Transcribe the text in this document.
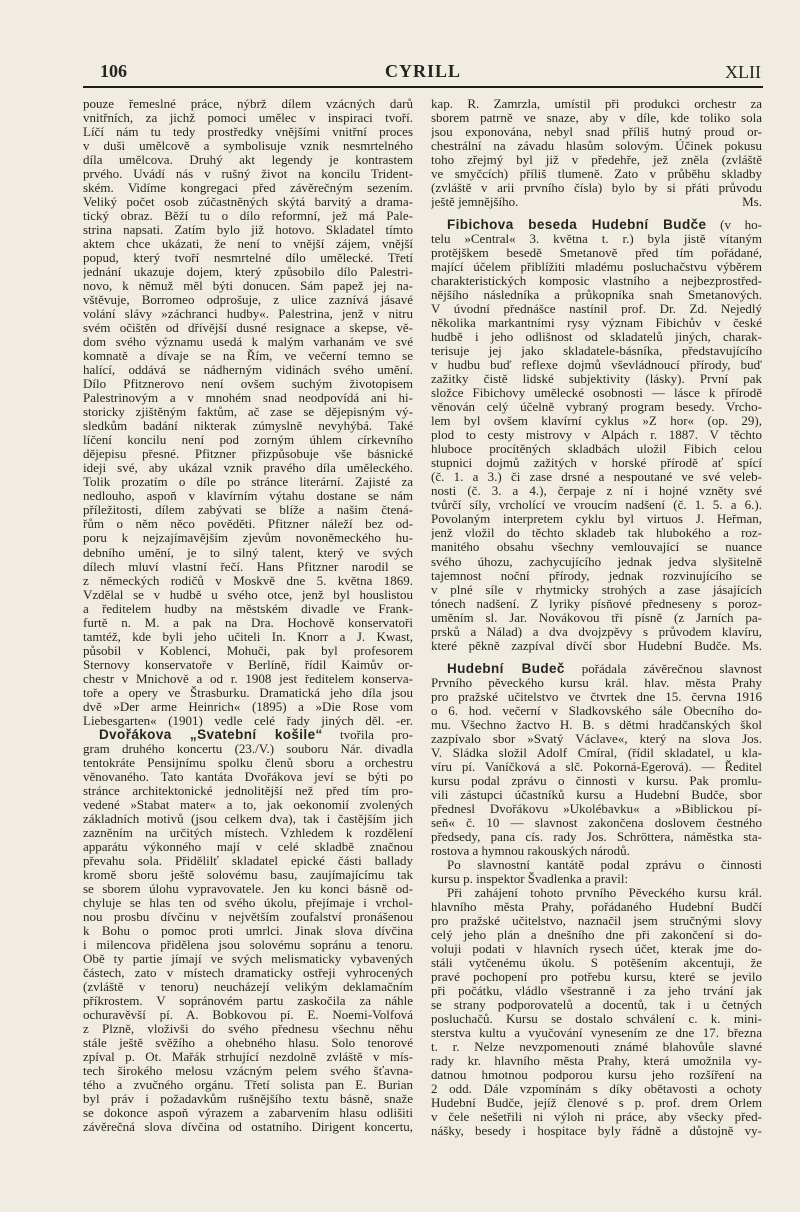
106	CYRILL	XLII
pouze řemeslné práce, nýbrž dílem vzácných darů
vnitřních, za jichž pomoci umělec v inspiraci tvoří.
Líčí nám tu tedy prostředky vnějšími vnitřní proces
v duši umělcově a symbolisuje vznik nesmrtelného
díla umělcova. Druhý akt legendy je kontrastem
prvého. Uvádí nás v rušný život na koncilu Trident-
ském. Vidíme kongregaci před závěrečným sezením.
Veliký počet osob zúčastněných skýtá barvitý a drama-
tický obraz. Běží tu o dílo reformní, jež má Pale-
strina napsati. Zatím bylo již hotovo. Skladatel tímto
aktem chce ukázati, že není to vnější zájem, vnější
popud, který tvoří nesmrtelné dílo umělecké. Třetí
jednání ukazuje dojem, který způsobilo dílo Palestri-
novo, k němuž měl býti donucen. Sám papež jej na-
vštěvuje, Borromeo odprošuje, z ulice zaznívá jásavé
volání slávy »záchranci hudby«. Palestrina, jenž v nitru
svém očištěn od dřívější dusné resignace a skepse, vě-
dom svého významu usedá k malým varhanám ve své
komnatě a dívaje se na Řím, ve večerní temno se
halící, oddává se nádherným vidinách svého umění.
Dílo Pfitznerovo není ovšem suchým životopisem
Palestrinovým a v mnohém snad neodpovídá ani hi-
storicky zjištěným faktům, ač zase se dějepisným vý-
sledkům badání nikterak zúmyslně nevyhýbá. Také
líčení koncilu není pod zorným úhlem církevního
dějepisu přesné. Pfitzner přizpůsobuje vše básnické
ideji své, aby ukázal vznik pravého díla uměleckého.
Tolik prozatím o díle po stránce literární. Zajisté za
nedlouho, aspoň v klavírním výtahu dostane se nám
příležitosti, dílem zabývati se blíže a našim čtená-
řům o něm něco pověděti. Pfitzner náleží bez od-
poru k nejzajímavějším zjevům novoněmeckého hu-
debního umění, je to silný talent, který ve svých
dílech mluví vlastní řečí. Hans Pfitzner narodil se
z německých rodičů v Moskvě dne 5. května 1869.
Vzdělal se v hudbě u svého otce, jenž byl houslistou
a ředitelem hudby na městském divadle ve Frank-
furtě n. M. a pak na Dra. Hochově konservatoři
tamtéž, kde byli jeho učiteli In. Knorr a J. Kwast,
působil v Koblenci, Mohuči, pak byl profesorem
Sternovy konservatoře v Berlíně, řídil Kaimův or-
chestr v Mnichově a od r. 1908 jest ředitelem konserva-
toře a opery ve Štrasburku. Dramatická jeho díla jsou
dvě »Der arme Heinrich« (1895) a »Die Rose vom
Liebesgarten« (1901) vedle celé řady jiných děl. -er.
Dvořákova „Svatební košile“ tvořila pro-
gram druhého koncertu (23./V.) souboru Nár. divadla
tentokráte Pensijnímu spolku členů sboru a orchestru
věnovaného. Tato kantáta Dvořákova jeví se býti po
stránce architektonické jednolitější než před tím pro-
vedené »Stabat mater« a to, jak oekonomií zvolených
základních motivů (jsou celkem dva), tak i častějším jich
zazněním na určitých místech. Vzhledem k rozdělení
apparátu výkonného mají v celé skladbě značnou
převahu sola. Přidělilť skladatel epické části ballady
kromě sboru ještě solovému basu, zaujímajícímu tak
se sborem úlohu vypravovatele. Jen ku konci básně od-
chyluje se hlas ten od svého úkolu, přejímaje i vrchol-
nou prosbu dívčinu v největším zoufalství pronášenou
k Bohu o pomoc proti umrlci. Jinak slova dívčina
i milencova přidělena jsou solovému sopránu a tenoru.
Obě ty partie jímají ve svých melismaticky vybavených
částech, zato v místech dramaticky ostřeji vyhrocených
(zvláště v tenoru) neucházejí velikým deklamačním
příkrostem. V sopránovém partu zaskočila za náhle
ochuravěvší pí. A. Bobkovou pí. E. Noemi-Volfová
z Plzně, vloživši do svého přednesu všechnu něhu
stále ještě svěžího a ohebného hlasu. Solo tenorové
zpíval p. Ot. Mařák strhující nezdolně zvláště v mís-
tech širokého melosu vzácným pelem svého šťavna-
tého a zvučného orgánu. Třetí solista pan E. Burian
byl práv i požadavkům rušnějšího textu básně, snaže
se dokonce aspoň výrazem a zabarvením hlasu odlišiti
závěrečná slova dívčina od ostatního. Dirigent koncertu,
kap. R. Zamrzla, umístil při produkci orchestr za
sborem patrně ve snaze, aby v díle, kde toliko sola
jsou exponována, nebyl snad příliš hutný proud or-
chestrální na závadu hlasům solovým. Účinek pokusu
toho zřejmý byl již v předehře, jež zněla (zvláště
ve smyčcích) příliš tlumeně. Zato v průběhu skladby
(zvláště v arii prvního čísla) bylo by si přáti průvodu
ještě jemnějšího.	Ms.
Fibichova beseda Hudební Budče (v ho-
telu »Central« 3. května t. r.) byla jistě vítaným
protějškem besedě Smetanově před tím pořádané,
mající účelem přiblížiti mladému posluchačstvu výběrem
charakteristických komposic vlastního a nejbezprostřed-
nějšího následníka a průkopníka snah Smetanových.
V úvodní přednášce nastínil prof. Dr. Zd. Nejedlý
několika markantními rysy význam Fibichův v české
hudbě i jeho odlišnost od skladatelů jiných, charak-
terisuje jej jako skladatele-básníka, představujícího
v hudbu buď reflexe dojmů vševládnoucí přírody, buď
zažitky čistě lidské subjektivity (lásky). První pak
složce Fibichovy umělecké osobnosti — lásce k přírodě
věnován celý účelně vybraný program besedy. Vrcho-
lem byl ovšem klavírní cyklus »Z hor« (op. 29),
plod to cesty mistrovy v Alpách r. 1887. V těchto
hluboce procítěných skladbách uložil Fibich celou
stupnici dojmů zažitých v horské přírodě ať spící
(č. 1. a 3.) či zase drsné a nespoutané ve své veleb-
nosti (č. 3. a 4.), čerpaje z ní i hojné vzněty své
tvůrčí síly, vrcholící ve vroucím nadšení (č. 1. 5. a 6.).
Povolaným interpretem cyklu byl virtuos J. Heřman,
jenž vložil do těchto skladeb tak hlubokého a roz-
manitého obsahu všechny vemlouvající se nuance
svého úhozu, zachycujícího jednak jedva slyšitelně
tajemnost noční přírody, jednak rozvinujícího se
v plné síle v rhytmicky strohých a zase jásajících
tónech nadšení. Z lyriky písňové předneseny s poroz-
uměním sl. Jar. Novákovou tři písně (z Jarních pa-
prsků a Nálad) a dva dvojzpěvy s průvodem klavíru,
které pěkně zazpíval dívčí sbor Hudební Budče. Ms.
Hudební Budeč pořádala závěrečnou slavnost
Prvního pěveckého kursu král. hlav. města Prahy
pro pražské učitelstvo ve čtvrtek dne 15. června 1916
o 6. hod. večerní v Sladkovského sále Obecního do-
mu. Všechno žactvo H. B. s dětmi hradčanských škol
zazpívalo sbor »Svatý Václave«, který na slova Jos.
V. Sládka složil Adolf Cmíral, (řídil skladatel, u kla-
víru pí. Vaníčková a slč. Pokorná-Egerová). — Ředitel
kursu podal zprávu o činnosti v kursu. Pak promlu-
vili zástupci účastníků kursu a Hudební Budče, sbor
přednesl Dvořákovu »Ukolébavku« a »Biblickou pí-
seň« č. 10 — slavnost zakončena doslovem čestného
předsedy, pana cís. rady Jos. Schröttera, náměstka sta-
rostova a hymnou rakouských národů.
Po slavnostní kantátě podal zprávu o činnosti
kursu p. inspektor Švadlenka a pravil:
Při zahájení tohoto prvního Pěveckého kursu král.
hlavního města Prahy, pořádaného Hudební Budčí
pro pražské učitelstvo, naznačil jsem stručnými slovy
celý jeho plán a dnešního dne při zakončení si do-
voluji podati v hlavních rysech účet, kterak jme do-
stáli vytčenému úkolu. S potěšením akcentuji, že
pravé pochopení pro potřebu kursu, které se jevilo
při počátku, vládlo všestranně i za jeho trvání jak
se strany podporovatelů a docentů, tak i u četných
posluchačů. Kursu se dostalo schválení c. k. mini-
sterstva kultu a vyučování vynesením ze dne 17. března
t. r. Nelze nevzpomenouti známé blahovůle slavné
rady kr. hlavního města Prahy, která umožnila vy-
datnou hmotnou podporou kursu jeho rozšíření na
2 odd. Dále vzpomínám s díky obětavosti a ochoty
Hudební Budče, jejíž členové s p. prof. drem Orlem
v čele nešetřili ni výloh ni práce, aby všecky před-
nášky, besedy i hospitace byly řádně a důstojně vy-
